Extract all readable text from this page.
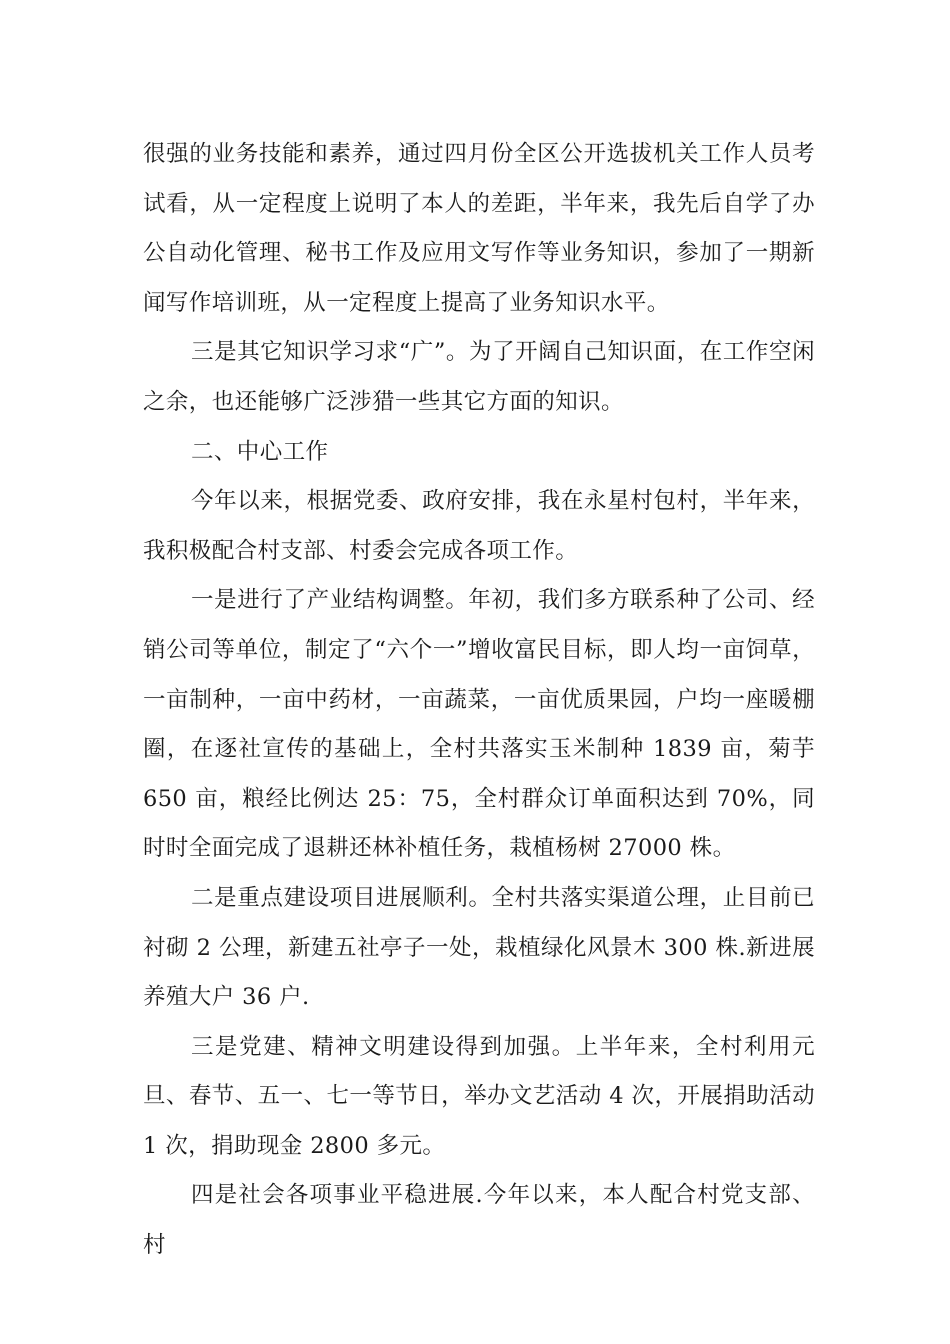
很强的业务技能和素养，通过四月份全区公开选拔机关工作人员考试看，从一定程度上说明了本人的差距，半年来，我先后自学了办公自动化管理、秘书工作及应用文写作等业务知识，参加了一期新闻写作培训班，从一定程度上提高了业务知识水平。

三是其它知识学习求“广”。为了开阔自己知识面，在工作空闲之余，也还能够广泛涉猎一些其它方面的知识。

二、中心工作

今年以来，根据党委、政府安排，我在永星村包村，半年来，我积极配合村支部、村委会完成各项工作。

一是进行了产业结构调整。年初，我们多方联系种了公司、经销公司等单位，制定了“六个一”增收富民目标，即人均一亩饲草，一亩制种，一亩中药材，一亩蔬菜，一亩优质果园，户均一座暖棚圈，在逐社宣传的基础上，全村共落实玉米制种 1839 亩，菊芋 650 亩，粮经比例达 25：75，全村群众订单面积达到 70%，同时时全面完成了退耕还林补植任务，栽植杨树 27000 株。

二是重点建设项目进展顺利。全村共落实渠道公理，止目前已衬砌 2 公理，新建五社亭子一处，栽植绿化风景木 300 株.新进展养殖大户 36 户.

三是党建、精神文明建设得到加强。上半年来，全村利用元旦、春节、五一、七一等节日，举办文艺活动 4 次，开展捐助活动 1 次，捐助现金 2800 多元。

四是社会各项事业平稳进展.今年以来，本人配合村党支部、村
